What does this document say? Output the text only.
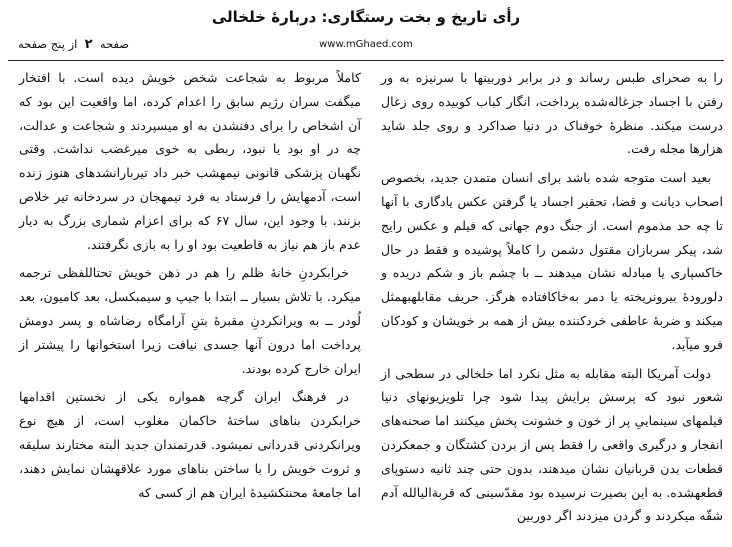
رأی تاریخ و بخت رستگاری: دربارهٔ خلخالی
صفحه  ۲  از پنج صفحه	www.mGhaed.com

را به صحرای طبس رساند و در برابر دوربینها با سرنیزه به ور رفتن با اجساد جزغالەشده پرداخت، انگار کباب کوبیده روی زغال درست میکند. منظرهٔ خوفناک در دنیا صداکرد و روی جلد شاید هزارها مجله رفت.

بعید است متوجه شده باشد برای انسان متمدن جدید، بخصوص اصحاب دیانت و قضا، تحقیر اجساد یا گرفتن عکس یادگاری با آنها تا چه حد مذموم است. از جنگ دوم جهانی که فیلم و عکس رایج شد، پیکر سربازان مقتول دشمن را کاملاً پوشیده و فقط در حال خاکسپاری یا مبادله نشان میدهند ــ با چشم باز و شکم دریده و دلورودهٔ بیرونریخته یا دمر بەخاکافتاده هرگز. حریف مقابلهبهمثل میکند و ضربهٔ عاطفی خردکننده بیش از همه بر خویشان و کودکان فرو میآید.

دولت آمریکا البته مقابله به مثل نکرد اما خلخالی در سطحی از شعور نبود که پرسش برایش پیدا شود چرا تلویزیونهای دنیا فیلمهای سینماییِ پر از خون و خشونت پخش میکنند اما صحنەهای انفجار و درگیری واقعی را فقط پس از بردن کشتگان و جمعکردن قطعات بدن قربانیان نشان میدهند، بدون حتی چند ثانیه دستوپای قطعهشده. به این بصیرت نرسیده بود مقدّسینی که قربةالیالله آدم شقّه میکردند و گردن میزدند اگر دوربین

کاملاً مربوط به شجاعت شخص خویش دیده است. با افتخار میگفت سران رژیم سابق را اعدام کرده، اما واقعیت این بود که آن اشخاص را برای دفنشدن به او میسپردند و شجاعت و عدالت، چه در او بود یا نبود، ربطی به خوی میرغضب نداشت. وقتی نگهبان پزشکی قانونی نیمهشب خبر داد تیربارانشدهای هنوز زنده است، آدمهایش را فرستاد به فرد نیمهجان در سردخانه تیر خلاص بزنند. با وجود این، سال ۶۷ که برای اعزام شماری بزرگ به دیار عدم باز هم نیاز به قاطعیت بود او را به بازی نگرفتند.

خرابکردنِ خانهٔ ظلم را هم در ذهن خویش تحتاللفظی ترجمه میکرد. با تلاش بسیار ــ ابتدا با جیپ و سیمبکسل، بعد کامیون، بعد لُودر ــ به ویرانکردنِ مقبرهٔ بتنِ آرامگاه رضاشاه و پسر دومش پرداخت اما درون آنها جسدی نیافت زیرا استخوانها را پیشتر از ایران خارج کرده بودند.

در فرهنگ ایران گرچه همواره یکی از نخستین اقدامها خرابکردن بناهای ساختهٔ حاکمان مغلوب است، از هیچ نوع ویرانکردنی قدردانی نمیشود. قدرتمندان جدید البته مختارند سلیقه و ثروت خویش را با ساختن بناهای مورد علاقهشان نمایش دهند، اما جامعهٔ محنتکشیدهٔ ایران هم از کسی که
